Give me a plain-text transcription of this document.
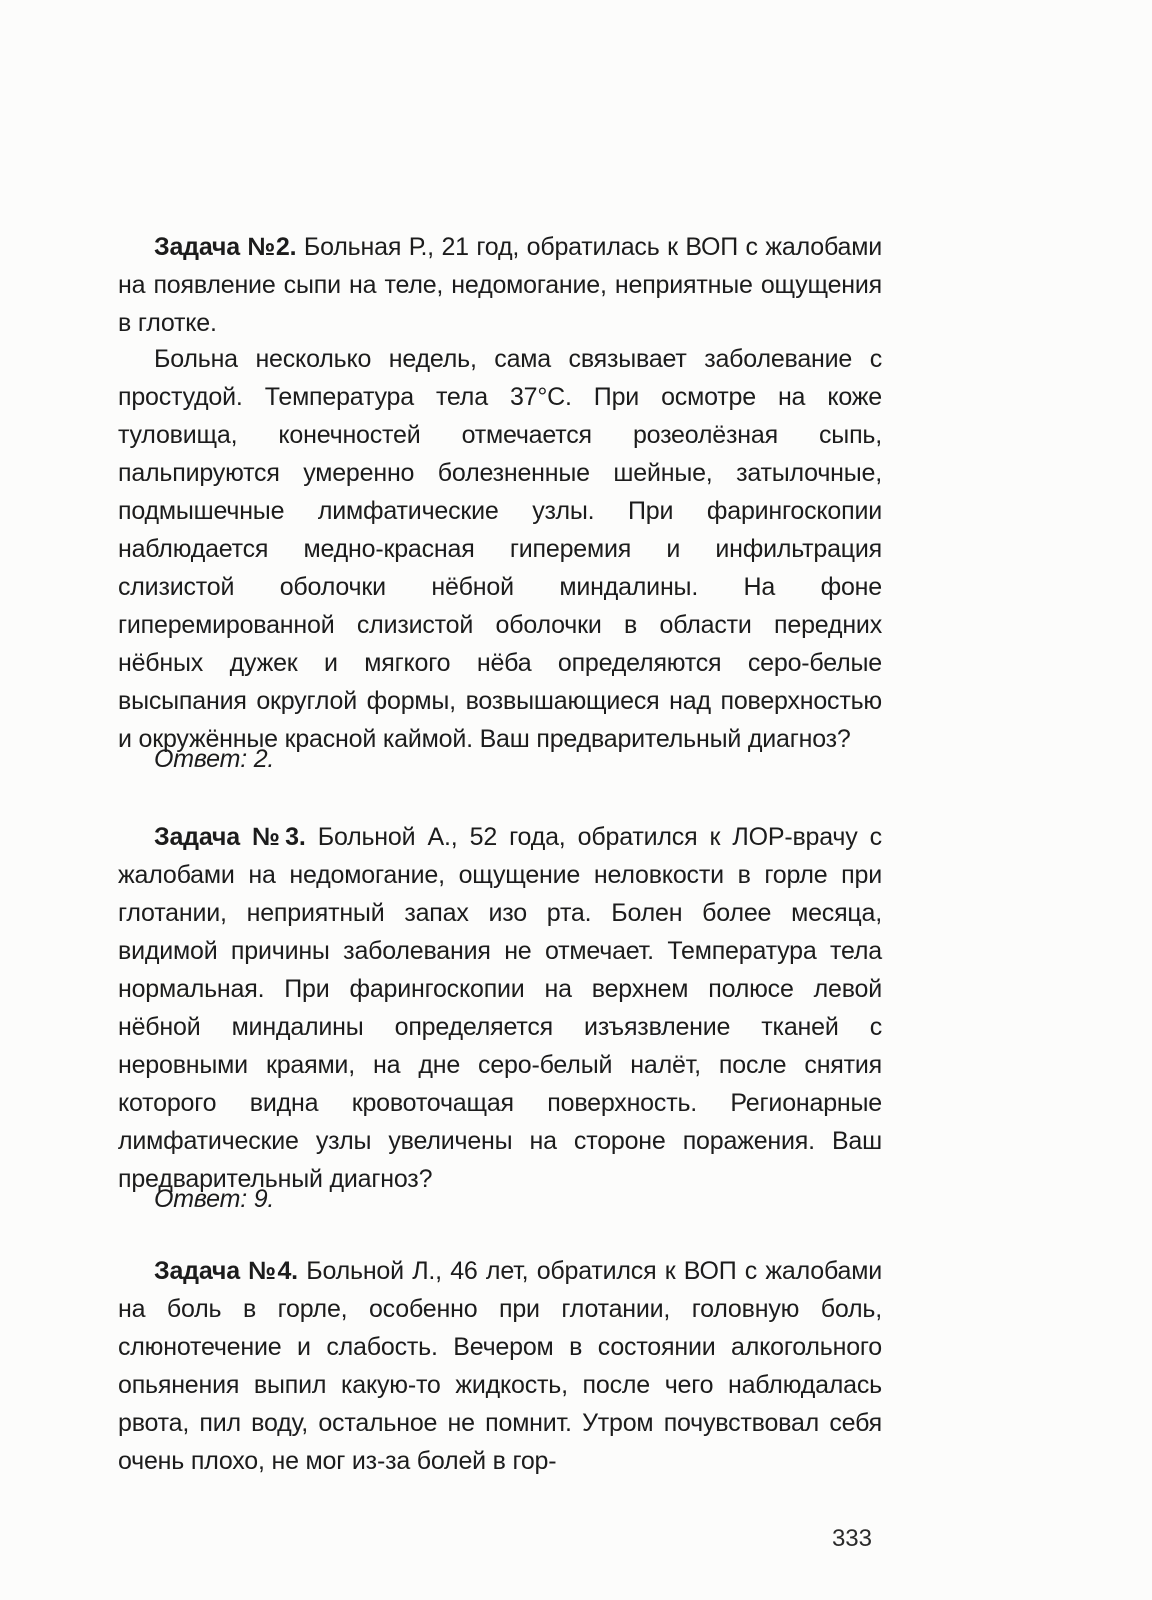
Задача №2. Больная Р., 21 год, обратилась к ВОП с жалобами на появление сыпи на теле, недомогание, неприятные ощущения в глотке.

Больна несколько недель, сама связывает заболевание с простудой. Температура тела 37°С. При осмотре на коже туловища, конечностей отмечается розеолёзная сыпь, пальпируются умеренно болезненные шейные, затылочные, подмышечные лимфатические узлы. При фарингоскопии наблюдается медно-красная гиперемия и инфильтрация слизистой оболочки нёбной миндалины. На фоне гиперемированной слизистой оболочки в области передних нёбных дужек и мягкого нёба определяются серо-белые высыпания округлой формы, возвышающиеся над поверхностью и окружённые красной каймой. Ваш предварительный диагноз?

Ответ: 2.

Задача №3. Больной А., 52 года, обратился к ЛОР-врачу с жалобами на недомогание, ощущение неловкости в горле при глотании, неприятный запах изо рта. Болен более месяца, видимой причины заболевания не отмечает. Температура тела нормальная. При фарингоскопии на верхнем полюсе левой нёбной миндалины определяется изъязвление тканей с неровными краями, на дне серо-белый налёт, после снятия которого видна кровоточащая поверхность. Регионарные лимфатические узлы увеличены на стороне поражения. Ваш предварительный диагноз?

Ответ: 9.

Задача №4. Больной Л., 46 лет, обратился к ВОП с жалобами на боль в горле, особенно при глотании, головную боль, слюнотечение и слабость. Вечером в состоянии алкогольного опьянения выпил какую-то жидкость, после чего наблюдалась рвота, пил воду, остальное не помнит. Утром почувствовал себя очень плохо, не мог из-за болей в гор-

333
